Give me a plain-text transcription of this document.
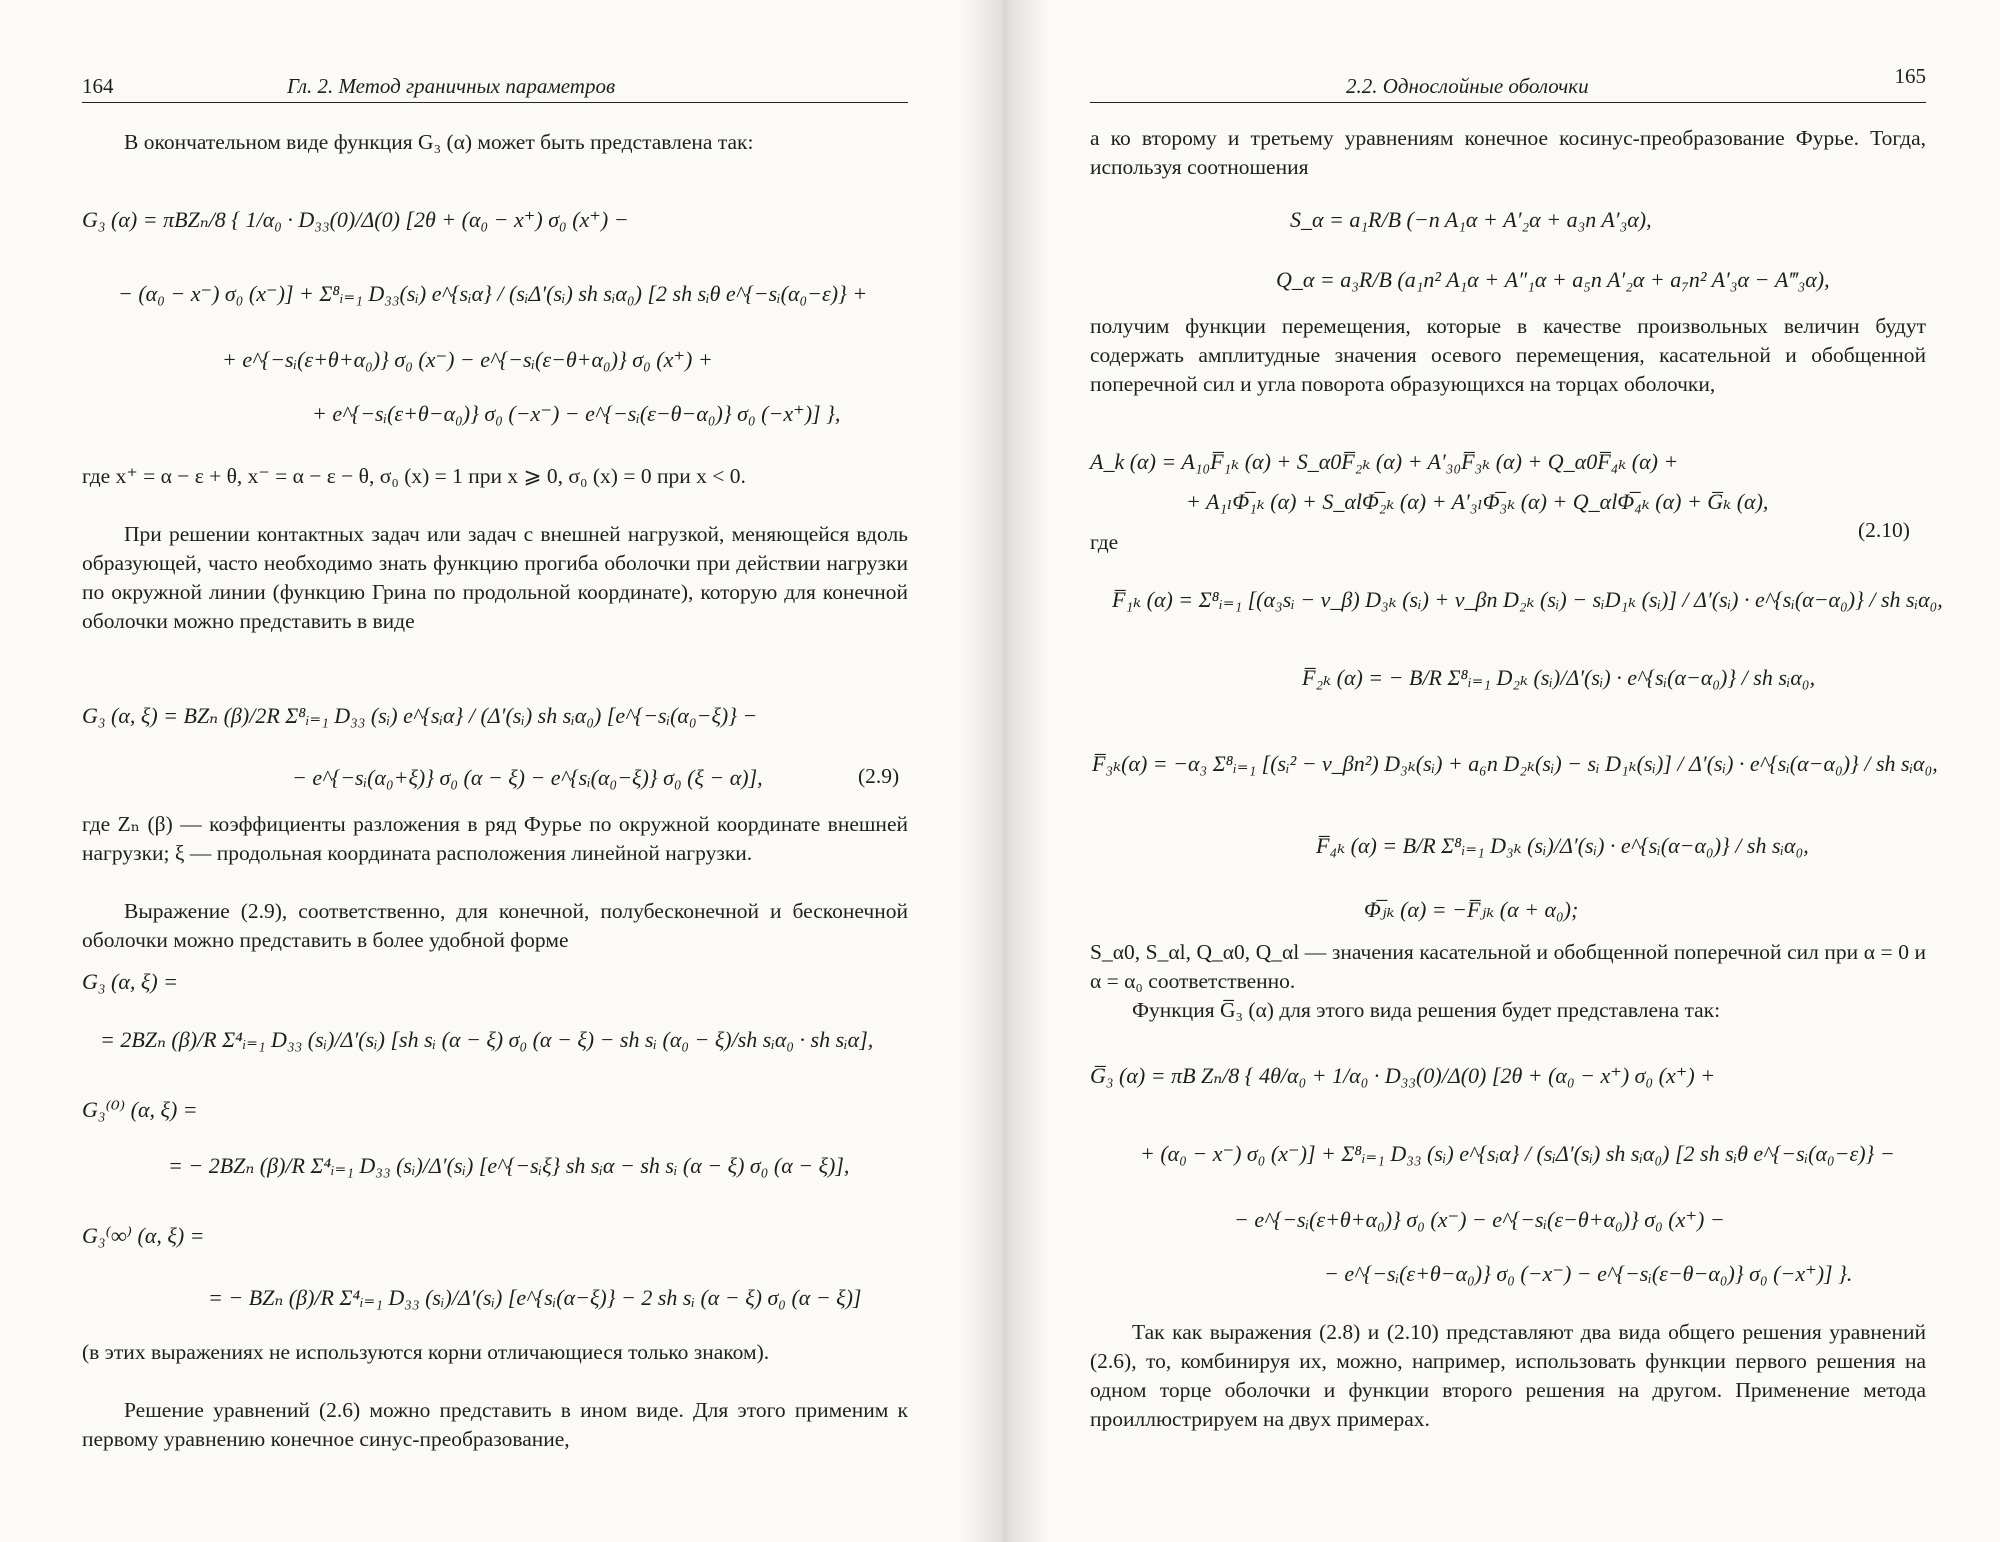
164	Гл. 2. Метод граничных параметров

В окончательном виде функция G₃ (α) может быть представлена так:

G₃ (α) = πBZₙ/8 { 1/α₀ · D₃₃(0)/Δ(0) [2θ + (α₀ − x⁺) σ₀ (x⁺) −
− (α₀ − x⁻) σ₀ (x⁻)] + Σ⁸ᵢ₌₁ D₃₃(sᵢ) e^{sᵢα} / (sᵢΔ′(sᵢ) sh sᵢα₀) [2 sh sᵢθ e^{−sᵢ(α₀−ε)} +
+ e^{−sᵢ(ε+θ+α₀)} σ₀ (x⁻) − e^{−sᵢ(ε−θ+α₀)} σ₀ (x⁺) +
+ e^{−sᵢ(ε+θ−α₀)} σ₀ (−x⁻) − e^{−sᵢ(ε−θ−α₀)} σ₀ (−x⁺)] },

где x⁺ = α − ε + θ, x⁻ = α − ε − θ, σ₀ (x) = 1 при x ⩾ 0, σ₀ (x) = 0 при x < 0.

При решении контактных задач или задач с внешней нагрузкой, меняющейся вдоль образующей, часто необходимо знать функцию прогиба оболочки при действии нагрузки по окружной линии (функцию Грина по продольной координате), которую для конечной оболочки можно представить в виде

G₃ (α, ξ) = BZₙ (β)/2R Σ⁸ᵢ₌₁ D₃₃ (sᵢ) e^{sᵢα} / (Δ′(sᵢ) sh sᵢα₀) [e^{−sᵢ(α₀−ξ)} −
− e^{−sᵢ(α₀+ξ)} σ₀ (α − ξ) − e^{sᵢ(α₀−ξ)} σ₀ (ξ − α)],	(2.9)

где Zₙ (β) — коэффициенты разложения в ряд Фурье по окружной координате внешней нагрузки; ξ — продольная координата расположения линейной нагрузки.

Выражение (2.9), соответственно, для конечной, полубесконечной и бесконечной оболочки можно представить в более удобной форме

G₃ (α, ξ) =
= 2BZₙ (β)/R Σ⁴ᵢ₌₁ D₃₃ (sᵢ)/Δ′(sᵢ) [sh sᵢ (α − ξ) σ₀ (α − ξ) − sh sᵢ (α₀ − ξ)/sh sᵢα₀ · sh sᵢα],
G₃⁽⁰⁾ (α, ξ) =
= − 2BZₙ (β)/R Σ⁴ᵢ₌₁ D₃₃ (sᵢ)/Δ′(sᵢ) [e^{−sᵢξ} sh sᵢα − sh sᵢ (α − ξ) σ₀ (α − ξ)],
G₃⁽∞⁾ (α, ξ) =
= − BZₙ (β)/R Σ⁴ᵢ₌₁ D₃₃ (sᵢ)/Δ′(sᵢ) [e^{sᵢ(α−ξ)} − 2 sh sᵢ (α − ξ) σ₀ (α − ξ)]

(в этих выражениях не используются корни отличающиеся только знаком).

Решение уравнений (2.6) можно представить в ином виде. Для этого применим к первому уравнению конечное синус-преобразование,

2.2. Однослойные оболочки	165

а ко второму и третьему уравнениям конечное косинус-преобразование Фурье. Тогда, используя соотношения

S_α = a₁R/B (−n A₁α + A′₂α + a₃n A′₃α),
Q_α = a₃R/B (a₁n² A₁α + A″₁α + a₅n A′₂α + a₇n² A′₃α − A‴₃α),

получим функции перемещения, которые в качестве произвольных величин будут содержать амплитудные значения осевого перемещения, касательной и обобщенной поперечной сил и угла поворота образующихся на торцах оболочки,

A_k (α) = A₁₀F̅₁ₖ (α) + S_α0F̅₂ₖ (α) + A′₃₀F̅₃ₖ (α) + Q_α0F̅₄ₖ (α) +
+ A₁ₗΦ̅₁ₖ (α) + S_αlΦ̅₂ₖ (α) + A′₃ₗΦ̅₃ₖ (α) + Q_αlΦ̅₄ₖ (α) + G̅ₖ (α),
(2.10)

где

F̅₁ₖ (α) = Σ⁸ᵢ₌₁ [(α₃sᵢ − v_β) D₃ₖ (sᵢ) + v_βn D₂ₖ (sᵢ) − sᵢD₁ₖ (sᵢ)] / Δ′(sᵢ) · e^{sᵢ(α−α₀)} / sh sᵢα₀,
F̅₂ₖ (α) = − B/R Σ⁸ᵢ₌₁ D₂ₖ (sᵢ)/Δ′(sᵢ) · e^{sᵢ(α−α₀)} / sh sᵢα₀,
F̅₃ₖ(α) = −α₃ Σ⁸ᵢ₌₁ [(sᵢ² − v_βn²) D₃ₖ(sᵢ) + a₆n D₂ₖ(sᵢ) − sᵢ D₁ₖ(sᵢ)] / Δ′(sᵢ) · e^{sᵢ(α−α₀)} / sh sᵢα₀,
F̅₄ₖ (α) = B/R Σ⁸ᵢ₌₁ D₃ₖ (sᵢ)/Δ′(sᵢ) · e^{sᵢ(α−α₀)} / sh sᵢα₀,
Φ̅ⱼₖ (α) = −F̅ⱼₖ (α + α₀);

S_α0, S_αl, Q_α0, Q_αl — значения касательной и обобщенной поперечной сил при α = 0 и α = α₀ соответственно.

Функция G̅₃ (α) для этого вида решения будет представлена так:

G̅₃ (α) = πB Zₙ/8 { 4θ/α₀ + 1/α₀ · D₃₃(0)/Δ(0) [2θ + (α₀ − x⁺) σ₀ (x⁺) +
+ (α₀ − x⁻) σ₀ (x⁻)] + Σ⁸ᵢ₌₁ D₃₃ (sᵢ) e^{sᵢα} / (sᵢΔ′(sᵢ) sh sᵢα₀) [2 sh sᵢθ e^{−sᵢ(α₀−ε)} −
− e^{−sᵢ(ε+θ+α₀)} σ₀ (x⁻) − e^{−sᵢ(ε−θ+α₀)} σ₀ (x⁺) −
− e^{−sᵢ(ε+θ−α₀)} σ₀ (−x⁻) − e^{−sᵢ(ε−θ−α₀)} σ₀ (−x⁺)] }.

Так как выражения (2.8) и (2.10) представляют два вида общего решения уравнений (2.6), то, комбинируя их, можно, например, использовать функции первого решения на одном торце оболочки и функции второго решения на другом. Применение метода проиллюстрируем на двух примерах.
